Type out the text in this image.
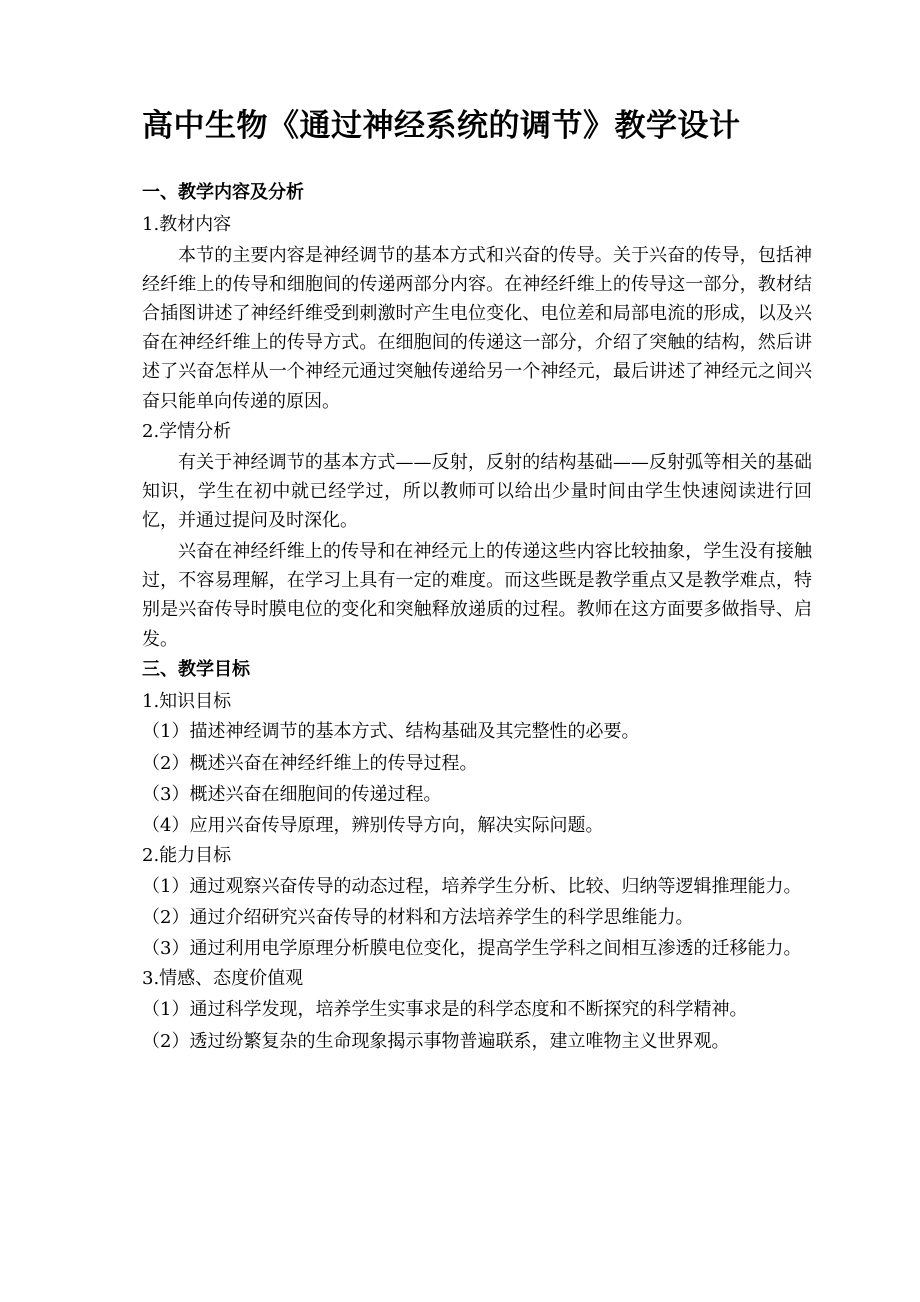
高中生物《通过神经系统的调节》教学设计
一、教学内容及分析
1.教材内容

本节的主要内容是神经调节的基本方式和兴奋的传导。关于兴奋的传导，包括神经纤维上的传导和细胞间的传递两部分内容。在神经纤维上的传导这一部分，教材结合插图讲述了神经纤维受到刺激时产生电位变化、电位差和局部电流的形成，以及兴奋在神经纤维上的传导方式。在细胞间的传递这一部分，介绍了突触的结构，然后讲述了兴奋怎样从一个神经元通过突触传递给另一个神经元，最后讲述了神经元之间兴奋只能单向传递的原因。

2.学情分析

有关于神经调节的基本方式——反射，反射的结构基础——反射弧等相关的基础知识，学生在初中就已经学过，所以教师可以给出少量时间由学生快速阅读进行回忆，并通过提问及时深化。

兴奋在神经纤维上的传导和在神经元上的传递这些内容比较抽象，学生没有接触过，不容易理解，在学习上具有一定的难度。而这些既是教学重点又是教学难点，特别是兴奋传导时膜电位的变化和突触释放递质的过程。教师在这方面要多做指导、启发。

三、教学目标
1.知识目标
（1）描述神经调节的基本方式、结构基础及其完整性的必要。
（2）概述兴奋在神经纤维上的传导过程。
（3）概述兴奋在细胞间的传递过程。
（4）应用兴奋传导原理，辨别传导方向，解决实际问题。
2.能力目标
（1）通过观察兴奋传导的动态过程，培养学生分析、比较、归纳等逻辑推理能力。
（2）通过介绍研究兴奋传导的材料和方法培养学生的科学思维能力。
（3）通过利用电学原理分析膜电位变化，提高学生学科之间相互渗透的迁移能力。
3.情感、态度价值观
（1）通过科学发现，培养学生实事求是的科学态度和不断探究的科学精神。
（2）透过纷繁复杂的生命现象揭示事物普遍联系，建立唯物主义世界观。
